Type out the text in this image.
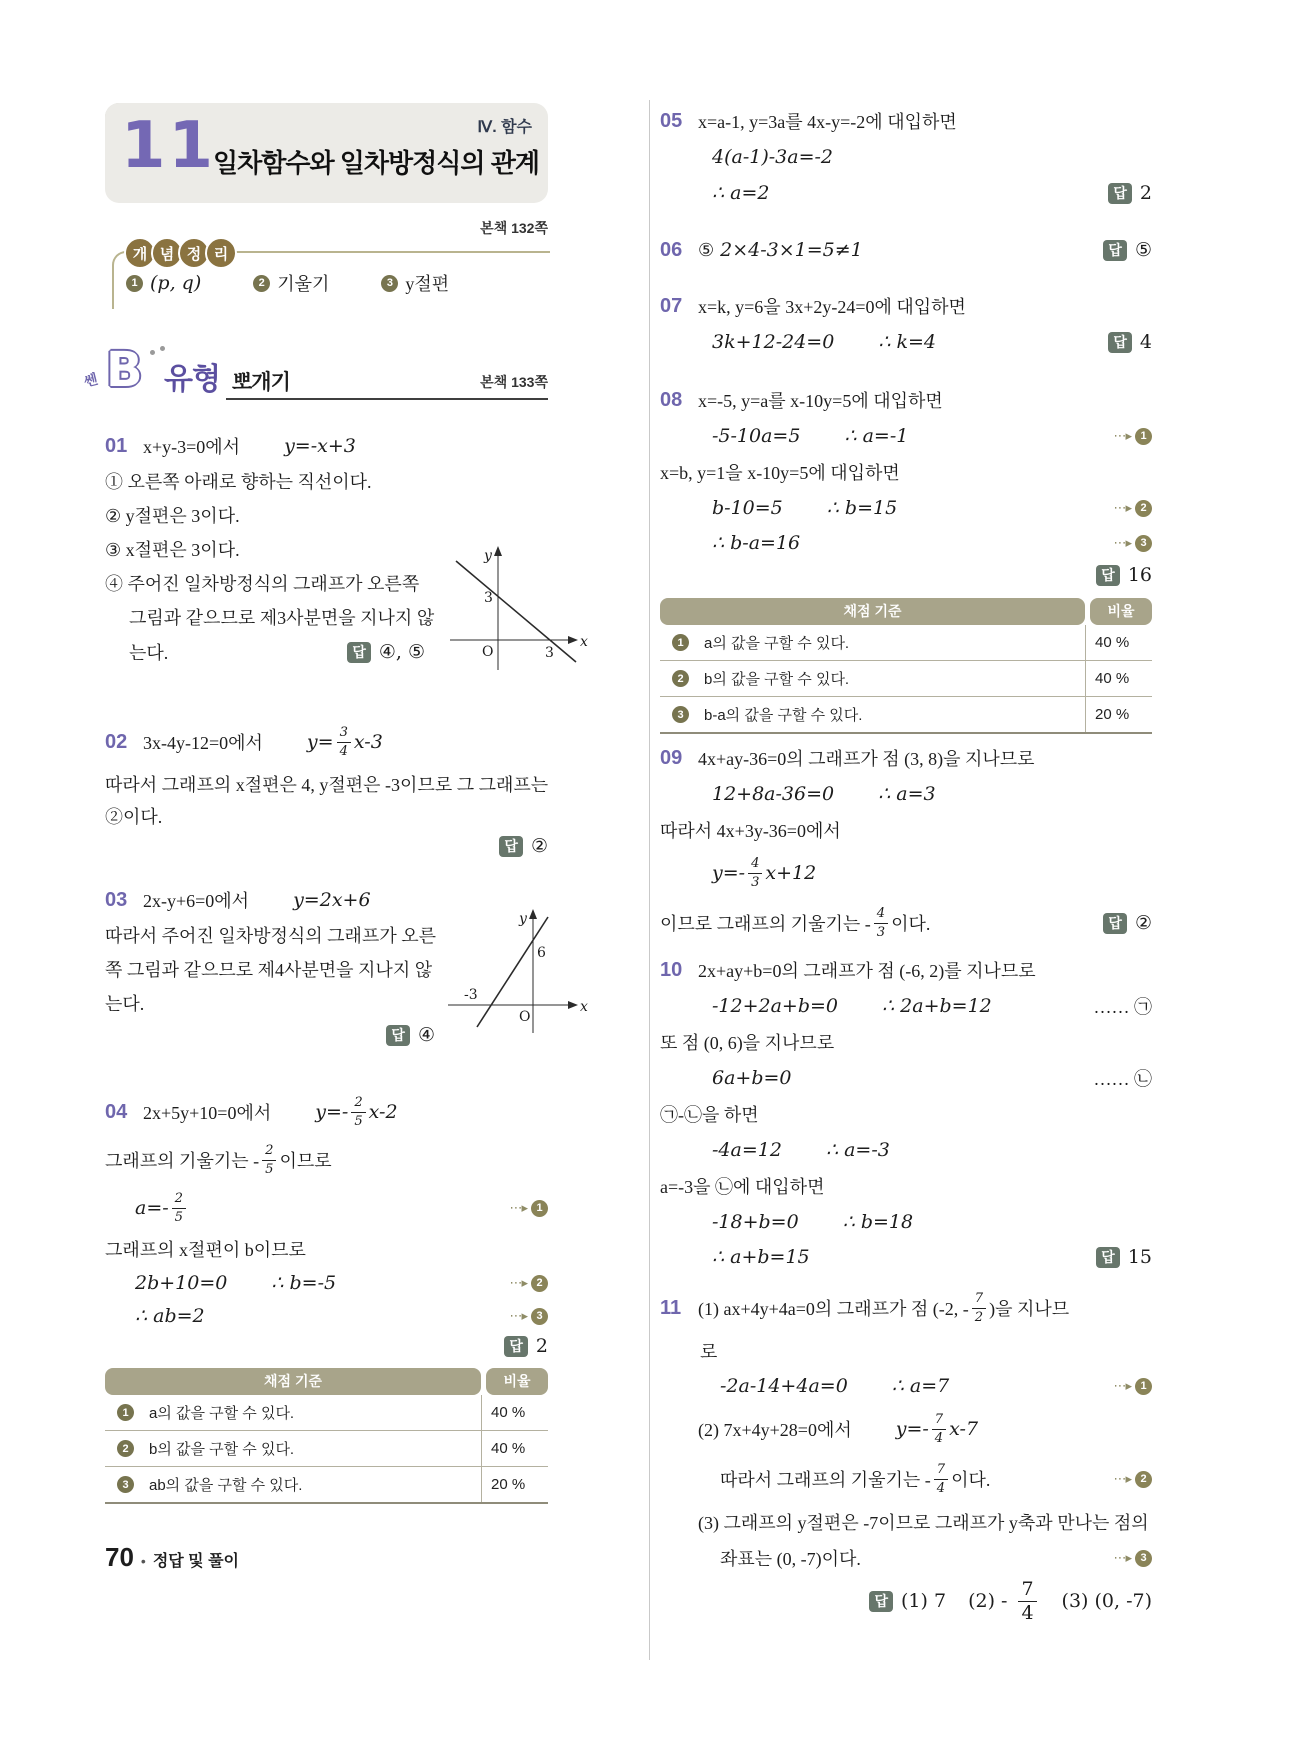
Ⅳ. 함수
11
일차함수와 일차방정식의 관계
본책 132쪽
개 념 정 리
1 (p, q)	2 기울기	3 y절편
쎈 B 유형 뽀개기	본책 133쪽
01 x+y-3=0에서 y=-x+3
① 오른쪽 아래로 향하는 직선이다.
② y절편은 3이다.
③ x절편은 3이다.
④ 주어진 일차방정식의 그래프가 오른쪽
그림과 같으므로 제3사분면을 지나지 않
는다.	답 ④, ⑤
y
x
O
3
3
02 3x-4y-12=0에서 $y= \frac{3}{4} x-3$
따라서 그래프의 x절편은 4, y절편은 -3이므로 그 그래프는
②이다.
답 ②
03 2x-y+6=0에서 y=2x+6
따라서 주어진 일차방정식의 그래프가 오른
쪽 그림과 같으므로 제4사분면을 지나지 않
는다.
답 ④
y
x
O
6
-3
04 2x+5y+10=0에서 $y=- \frac{2}{5} x-2$
그래프의 기울기는 - $\frac{2}{5}$ 이므로
$a=- \frac{2}{5}$	⋯▸ 1
그래프의 x절편이 b이므로
2b+10=0 ∴ b=-5	⋯▸ 2
∴ ab=2	⋯▸ 3
답 2
채점 기준	비율
1	a의 값을 구할 수 있다.	40 %
2	b의 값을 구할 수 있다.	40 %
3	ab의 값을 구할 수 있다.	20 %
70 • 정답 및 풀이
05 x=a-1, y=3a를 4x-y=-2에 대입하면
4(a-1)-3a=-2
∴ a=2	답 2
06 ⑤ 2×4-3×1=5≠1	답 ⑤
07 x=k, y=6을 3x+2y-24=0에 대입하면
3k+12-24=0 ∴ k=4	답 4
08 x=-5, y=a를 x-10y=5에 대입하면
-5-10a=5 ∴ a=-1	⋯▸ 1
x=b, y=1을 x-10y=5에 대입하면
b-10=5 ∴ b=15	⋯▸ 2
∴ b-a=16	⋯▸ 3
답 16
채점 기준	비율
1	a의 값을 구할 수 있다.	40 %
2	b의 값을 구할 수 있다.	40 %
3	b-a의 값을 구할 수 있다.	20 %
09 4x+ay-36=0의 그래프가 점 (3, 8)을 지나므로
12+8a-36=0 ∴ a=3
따라서 4x+3y-36=0에서
$y=- \frac{4}{3} x+12$
이므로 그래프의 기울기는 - $\frac{4}{3}$ 이다.	답 ②
10 2x+ay+b=0의 그래프가 점 (-6, 2)를 지나므로
-12+2a+b=0 ∴ 2a+b=12	…… ㉠
또 점 (0, 6)을 지나므로
6a+b=0	…… ㉡
㉠-㉡을 하면
-4a=12 ∴ a=-3
a=-3을 ㉡에 대입하면
-18+b=0 ∴ b=18
∴ a+b=15	답 15
11 (1) ax+4y+4a=0의 그래프가 점 (-2, - $\frac{7}{2}$ )을 지나므
로
-2a-14+4a=0 ∴ a=7	⋯▸ 1
(2) 7x+4y+28=0에서 $y=- \frac{7}{4} x-7$
따라서 그래프의 기울기는 - $\frac{7}{4}$ 이다.	⋯▸ 2
(3) 그래프의 y절편은 -7이므로 그래프가 y축과 만나는 점의
좌표는 (0, -7)이다.	⋯▸ 3
답 (1) 7 $(2) - \frac{7}{4} (3)$ (0, -7)
